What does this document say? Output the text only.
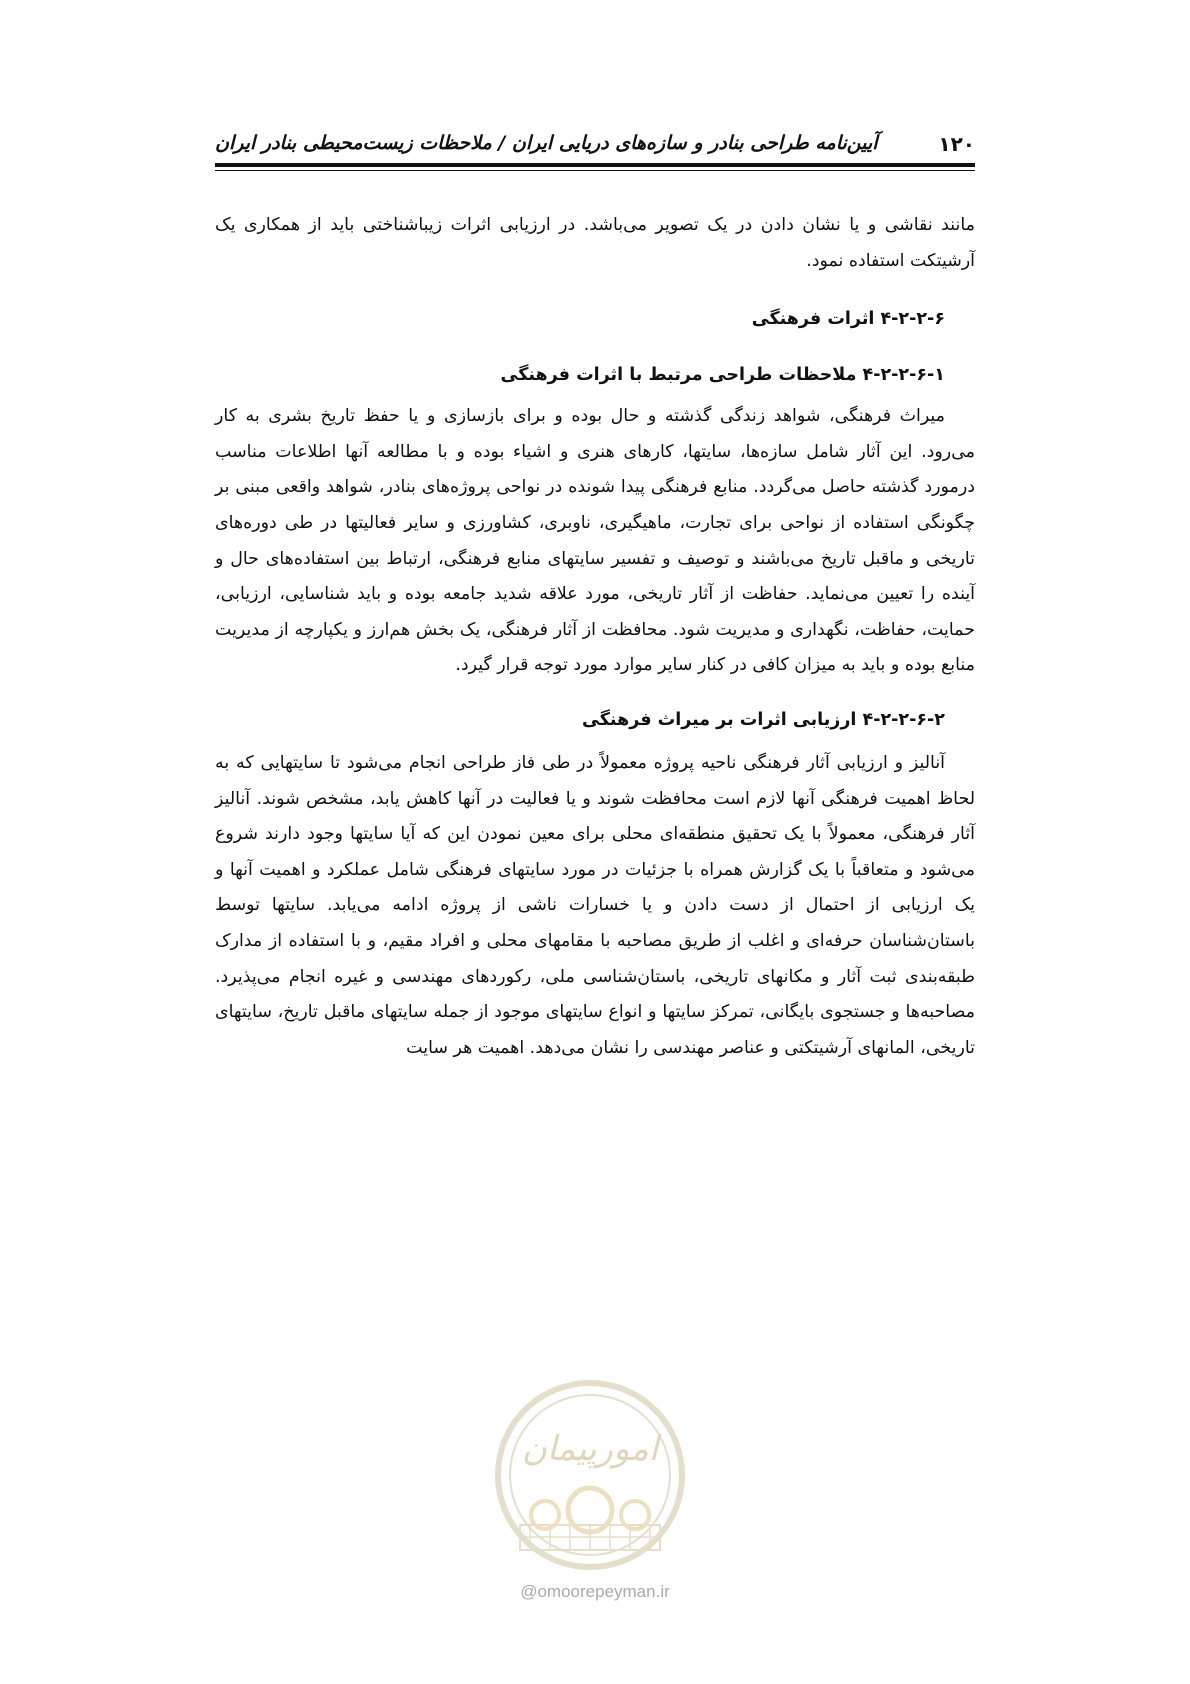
۱۲۰
آیین‌نامه طراحی بنادر و سازه‌های دریایی ایران / ملاحظات زیست‌محیطی بنادر ایران

مانند نقاشی و یا نشان دادن در یک تصویر می‌باشد. در ارزیابی اثرات زیباشناختی باید از همکاری یک آرشیتکت استفاده نمود.

۴-۲-۲-۶ اثرات فرهنگی

۴-۲-۲-۶-۱ ملاحظات طراحی مرتبط با اثرات فرهنگی

میراث فرهنگی، شواهد زندگی گذشته و حال بوده و برای بازسازی و یا حفظ تاریخ بشری به کار می‌رود. این آثار شامل سازه‌ها، سایتها، کارهای هنری و اشیاء بوده و با مطالعه آنها اطلاعات مناسب درمورد گذشته حاصل می‌گردد. منابع فرهنگی پیدا شونده در نواحی پروژه‌های بنادر، شواهد واقعی مبنی بر چگونگی استفاده از نواحی برای تجارت، ماهیگیری، ناوبری، کشاورزی و سایر فعالیتها در طی دوره‌های تاریخی و ماقبل تاریخ می‌باشند و توصیف و تفسیر سایتهای منابع فرهنگی، ارتباط بین استفاده‌های حال و آینده را تعیین می‌نماید. حفاظت از آثار تاریخی، مورد علاقه شدید جامعه بوده و باید شناسایی، ارزیابی، حمایت، حفاظت، نگهداری و مدیریت شود. محافظت از آثار فرهنگی، یک بخش هم‌ارز و یکپارچه از مدیریت منابع بوده و باید به میزان کافی در کنار سایر موارد مورد توجه قرار گیرد.

۴-۲-۲-۶-۲ ارزیابی اثرات بر میراث فرهنگی

آنالیز و ارزیابی آثار فرهنگی ناحیه پروژه معمولاً در طی فاز طراحی انجام می‌شود تا سایتهایی که به لحاظ اهمیت فرهنگی آنها لازم است محافظت شوند و یا فعالیت در آنها کاهش یابد، مشخص شوند. آنالیز آثار فرهنگی، معمولاً با یک تحقیق منطقه‌ای محلی برای معین نمودن این که آیا سایتها وجود دارند شروع می‌شود و متعاقباً با یک گزارش همراه با جزئیات در مورد سایتهای فرهنگی شامل عملکرد و اهمیت آنها و یک ارزیابی از احتمال از دست دادن و یا خسارات ناشی از پروژه ادامه می‌یابد. سایتها توسط باستان‌شناسان حرفه‌ای و اغلب از طریق مصاحبه با مقامهای محلی و افراد مقیم، و با استفاده از مدارک طبقه‌بندی ثبت آثار و مکانهای تاریخی، باستان‌شناسی ملی، رکوردهای مهندسی و غیره انجام می‌پذیرد. مصاحبه‌ها و جستجوی بایگانی، تمرکز سایتها و انواع سایتهای موجود از جمله سایتهای ماقبل تاریخ، سایتهای تاریخی، المانهای آرشیتکتی و عناصر مهندسی را نشان می‌دهد. اهمیت هر سایت

امورپیمان
@omoorepeyman.ir
